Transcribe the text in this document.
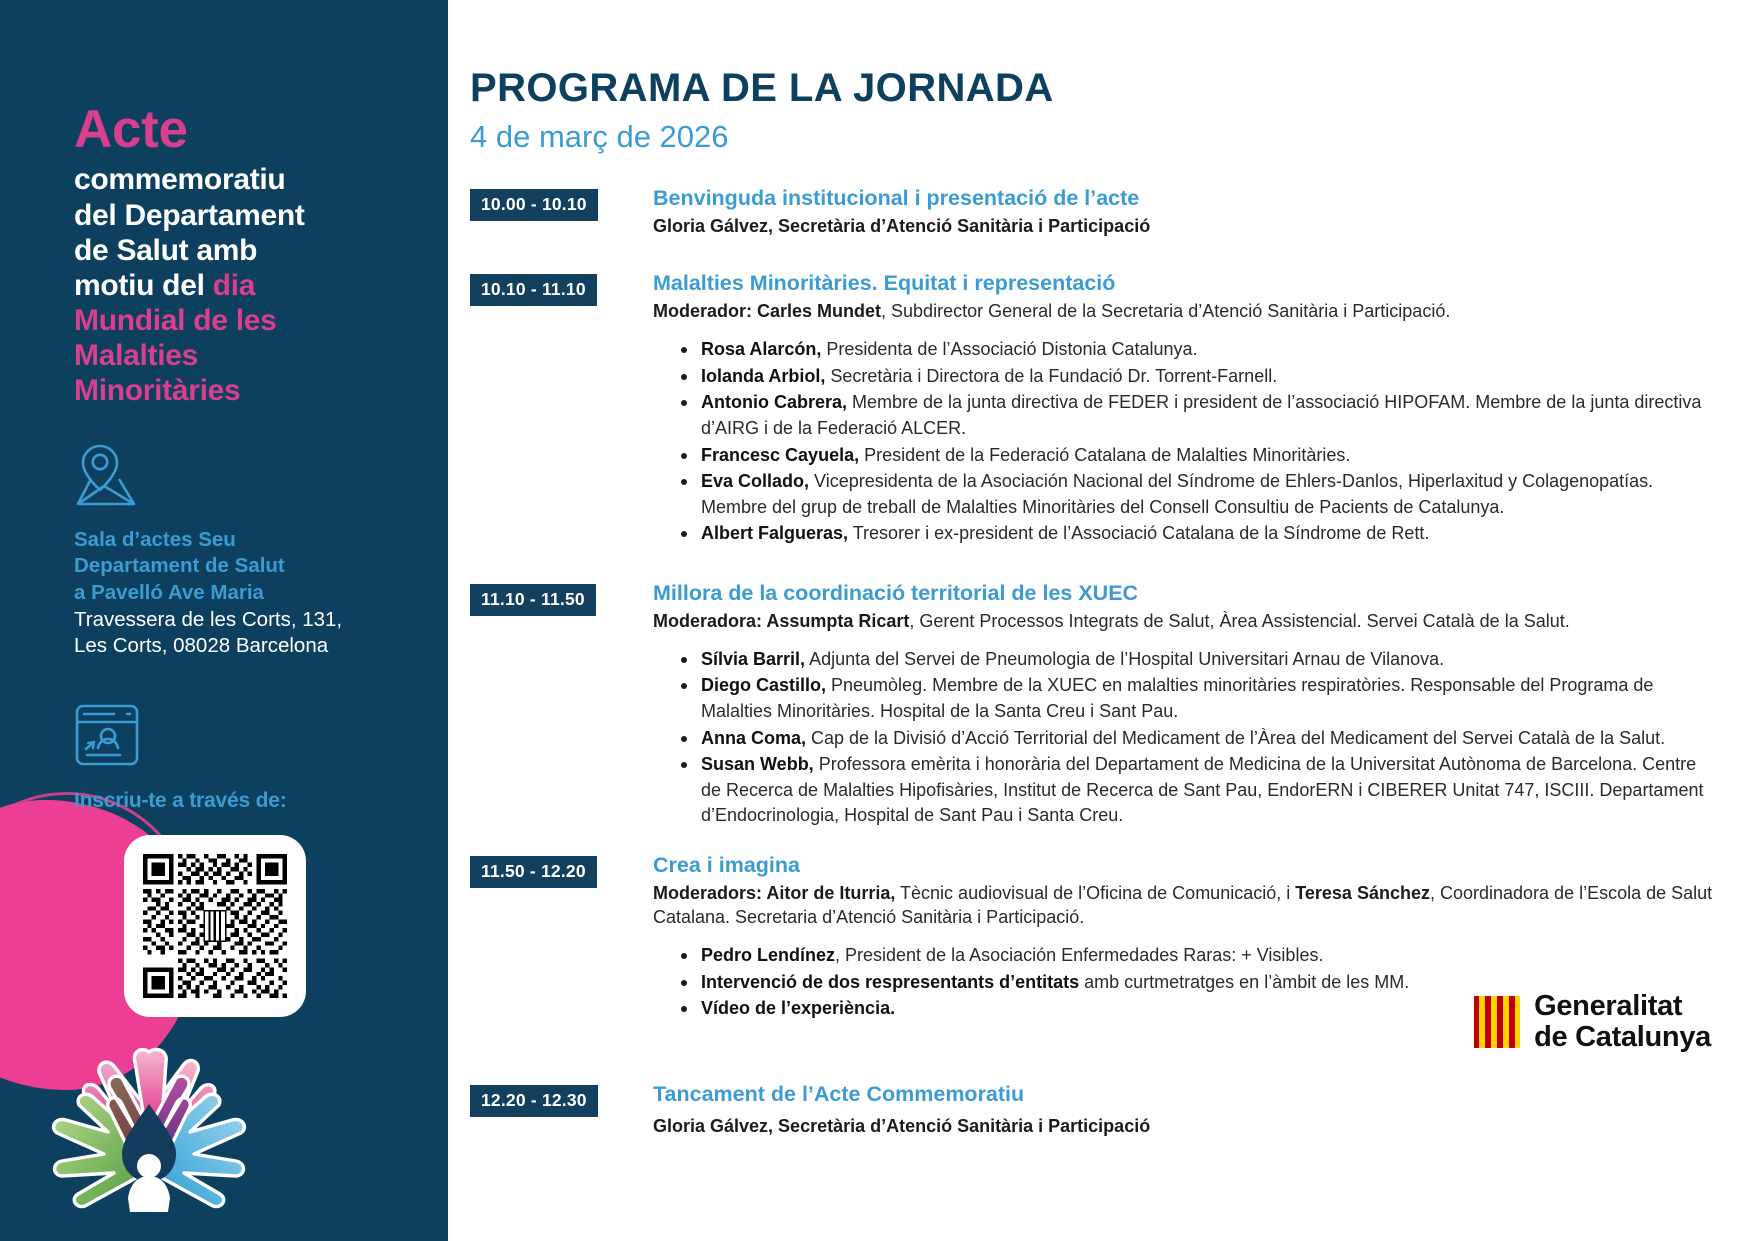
Acte
commemoratiu
del Departament
de Salut amb
motiu del dia
Mundial de les
Malalties
Minoritàries
Sala d’actes Seu
Departament de Salut
a Pavelló Ave Maria
Travessera de les Corts, 131,
Les Corts, 08028 Barcelona
Inscriu-te a través de:
PROGRAMA DE LA JORNADA
4 de març de 2026
10.00 - 10.10	Benvinguda institucional i presentació de l’acte

Gloria Gálvez, Secretària d’Atenció Sanitària i Participació

10.10 - 11.10	Malalties Minoritàries. Equitat i representació

Moderador: Carles Mundet, Subdirector General de la Secretaria d’Atenció Sanitària i Participació.

Rosa Alarcón, Presidenta de l’Associació Distonia Catalunya.
Iolanda Arbiol, Secretària i Directora de la Fundació Dr. Torrent-Farnell.
Antonio Cabrera, Membre de la junta directiva de FEDER i president de l’associació HIPOFAM. Membre de la junta directiva d’AIRG i de la Federació ALCER.
Francesc Cayuela, President de la Federació Catalana de Malalties Minoritàries.
Eva Collado, Vicepresidenta de la Asociación Nacional del Síndrome de Ehlers-Danlos, Hiperlaxitud y Colagenopatías. Membre del grup de treball de Malalties Minoritàries del Consell Consultiu de Pacients de Catalunya.
Albert Falgueras, Tresorer i ex-president de l’Associació Catalana de la Síndrome de Rett.
11.10 - 11.50	Millora de la coordinació territorial de les XUEC

Moderadora: Assumpta Ricart, Gerent Processos Integrats de Salut, Àrea Assistencial. Servei Català de la Salut.

Sílvia Barril, Adjunta del Servei de Pneumologia de l’Hospital Universitari Arnau de Vilanova.
Diego Castillo, Pneumòleg. Membre de la XUEC en malalties minoritàries respiratòries. Responsable del Programa de Malalties Minoritàries. Hospital de la Santa Creu i Sant Pau.
Anna Coma, Cap de la Divisió d’Acció Territorial del Medicament de l’Àrea del Medicament del Servei Català de la Salut.
Susan Webb, Professora emèrita i honorària del Departament de Medicina de la Universitat Autònoma de Barcelona. Centre de Recerca de Malalties Hipofisàries, Institut de Recerca de Sant Pau, EndorERN i CIBERER Unitat 747, ISCIII. Departament d’Endocrinologia, Hospital de Sant Pau i Santa Creu.
11.50 - 12.20	Crea i imagina

Moderadors: Aitor de Iturria, Tècnic audiovisual de l’Oficina de Comunicació, i Teresa Sánchez, Coordinadora de l’Escola de Salut Catalana. Secretaria d’Atenció Sanitària i Participació.

Pedro Lendínez, President de la Asociación Enfermedades Raras: + Visibles.
Intervenció de dos respresentants d’entitats amb curtmetratges en l’àmbit de les MM.
Vídeo de l’experiència.
12.20 - 12.30	Tancament de l’Acte Commemoratiu

Gloria Gálvez, Secretària d’Atenció Sanitària i Participació

Generalitat
de Catalunya
